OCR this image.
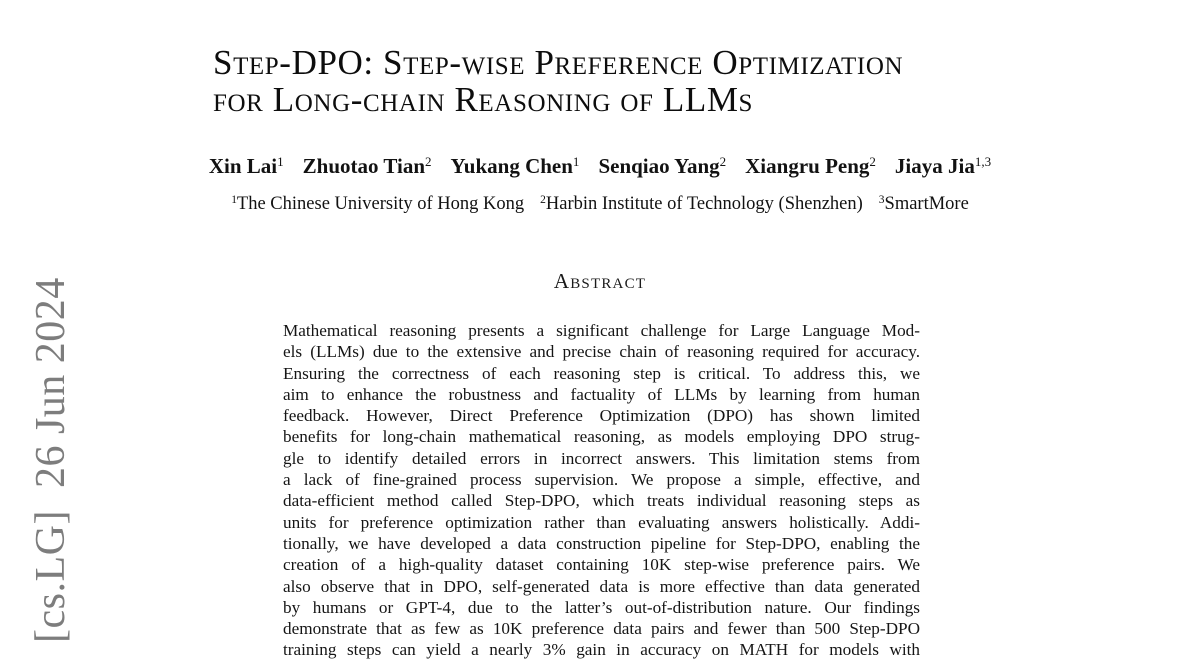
[cs.LG]  26 Jun 2024
Step-DPO: Step-wise Preference Optimization
for Long-chain Reasoning of LLMs
Xin Lai$^1$ Zhuotao Tian$^2$ Yukang Chen$^1$ Senqiao Yang$^2$ Xiangru Peng$^2$ Jiaya Jia$^{1,3}$
$^1$The Chinese University of Hong Kong $^2$Harbin Institute of Technology (Shenzhen) $^3$SmartMore
Abstract
Mathematical reasoning presents a significant challenge for Large Language Mod-
els (LLMs) due to the extensive and precise chain of reasoning required for accuracy.
Ensuring the correctness of each reasoning step is critical. To address this, we
aim to enhance the robustness and factuality of LLMs by learning from human
feedback. However, Direct Preference Optimization (DPO) has shown limited
benefits for long-chain mathematical reasoning, as models employing DPO strug-
gle to identify detailed errors in incorrect answers. This limitation stems from
a lack of fine-grained process supervision. We propose a simple, effective, and
data-efficient method called Step-DPO, which treats individual reasoning steps as
units for preference optimization rather than evaluating answers holistically. Addi-
tionally, we have developed a data construction pipeline for Step-DPO, enabling the
creation of a high-quality dataset containing 10K step-wise preference pairs. We
also observe that in DPO, self-generated data is more effective than data generated
by humans or GPT-4, due to the latter’s out-of-distribution nature. Our findings
demonstrate that as few as 10K preference data pairs and fewer than 500 Step-DPO
training steps can yield a nearly 3% gain in accuracy on MATH for models with
